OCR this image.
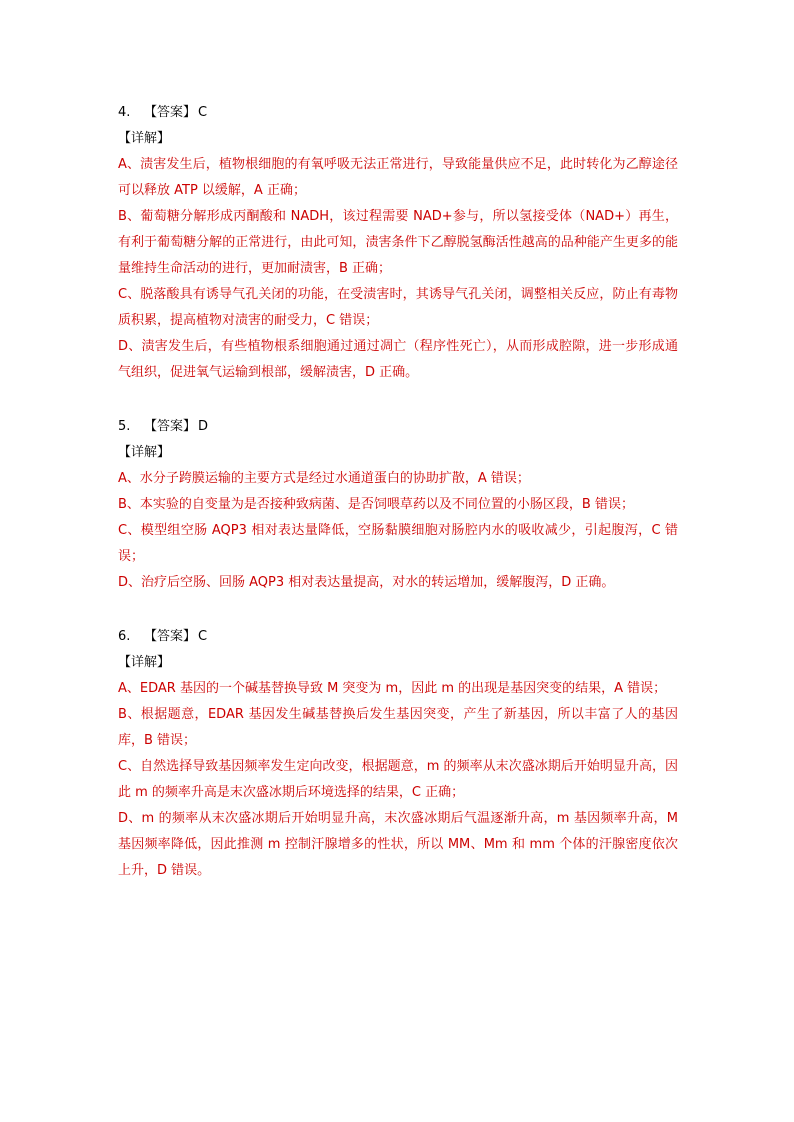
4. 【答案】 C

【详解】

A、渍害发生后，植物根细胞的有氧呼吸无法正常进行，导致能量供应不足，此时转化为乙醇途径可以释放 ATP 以缓解，A 正确；

B、葡萄糖分解形成丙酮酸和 NADH，该过程需要 NAD+参与，所以氢接受体（NAD+）再生，有利于葡萄糖分解的正常进行，由此可知，渍害条件下乙醇脱氢酶活性越高的品种能产生更多的能量维持生命活动的进行，更加耐渍害，B 正确；

C、脱落酸具有诱导气孔关闭的功能，在受渍害时，其诱导气孔关闭，调整相关反应，防止有毒物质积累，提高植物对渍害的耐受力，C 错误；

D、渍害发生后，有些植物根系细胞通过通过凋亡（程序性死亡），从而形成腔隙，进一步形成通气组织，促进氧气运输到根部，缓解渍害，D 正确。

5. 【答案】 D

【详解】

A、水分子跨膜运输的主要方式是经过水通道蛋白的协助扩散，A 错误；

B、本实验的自变量为是否接种致病菌、是否饲喂草药以及不同位置的小肠区段，B 错误；

C、模型组空肠 AQP3 相对表达量降低，空肠黏膜细胞对肠腔内水的吸收减少，引起腹泻，C 错误；

D、治疗后空肠、回肠 AQP3 相对表达量提高，对水的转运增加，缓解腹泻，D 正确。

6. 【答案】 C

【详解】

A、EDAR 基因的一个碱基替换导致 M 突变为 m，因此 m 的出现是基因突变的结果，A 错误；

B、根据题意，EDAR 基因发生碱基替换后发生基因突变，产生了新基因，所以丰富了人的基因库，B 错误；

C、自然选择导致基因频率发生定向改变，根据题意，m 的频率从末次盛冰期后开始明显升高，因此 m 的频率升高是末次盛冰期后环境选择的结果，C 正确；

D、m 的频率从末次盛冰期后开始明显升高，末次盛冰期后气温逐渐升高，m 基因频率升高，M 基因频率降低，因此推测 m 控制汗腺增多的性状，所以 MM、Mm 和 mm 个体的汗腺密度依次上升，D 错误。
